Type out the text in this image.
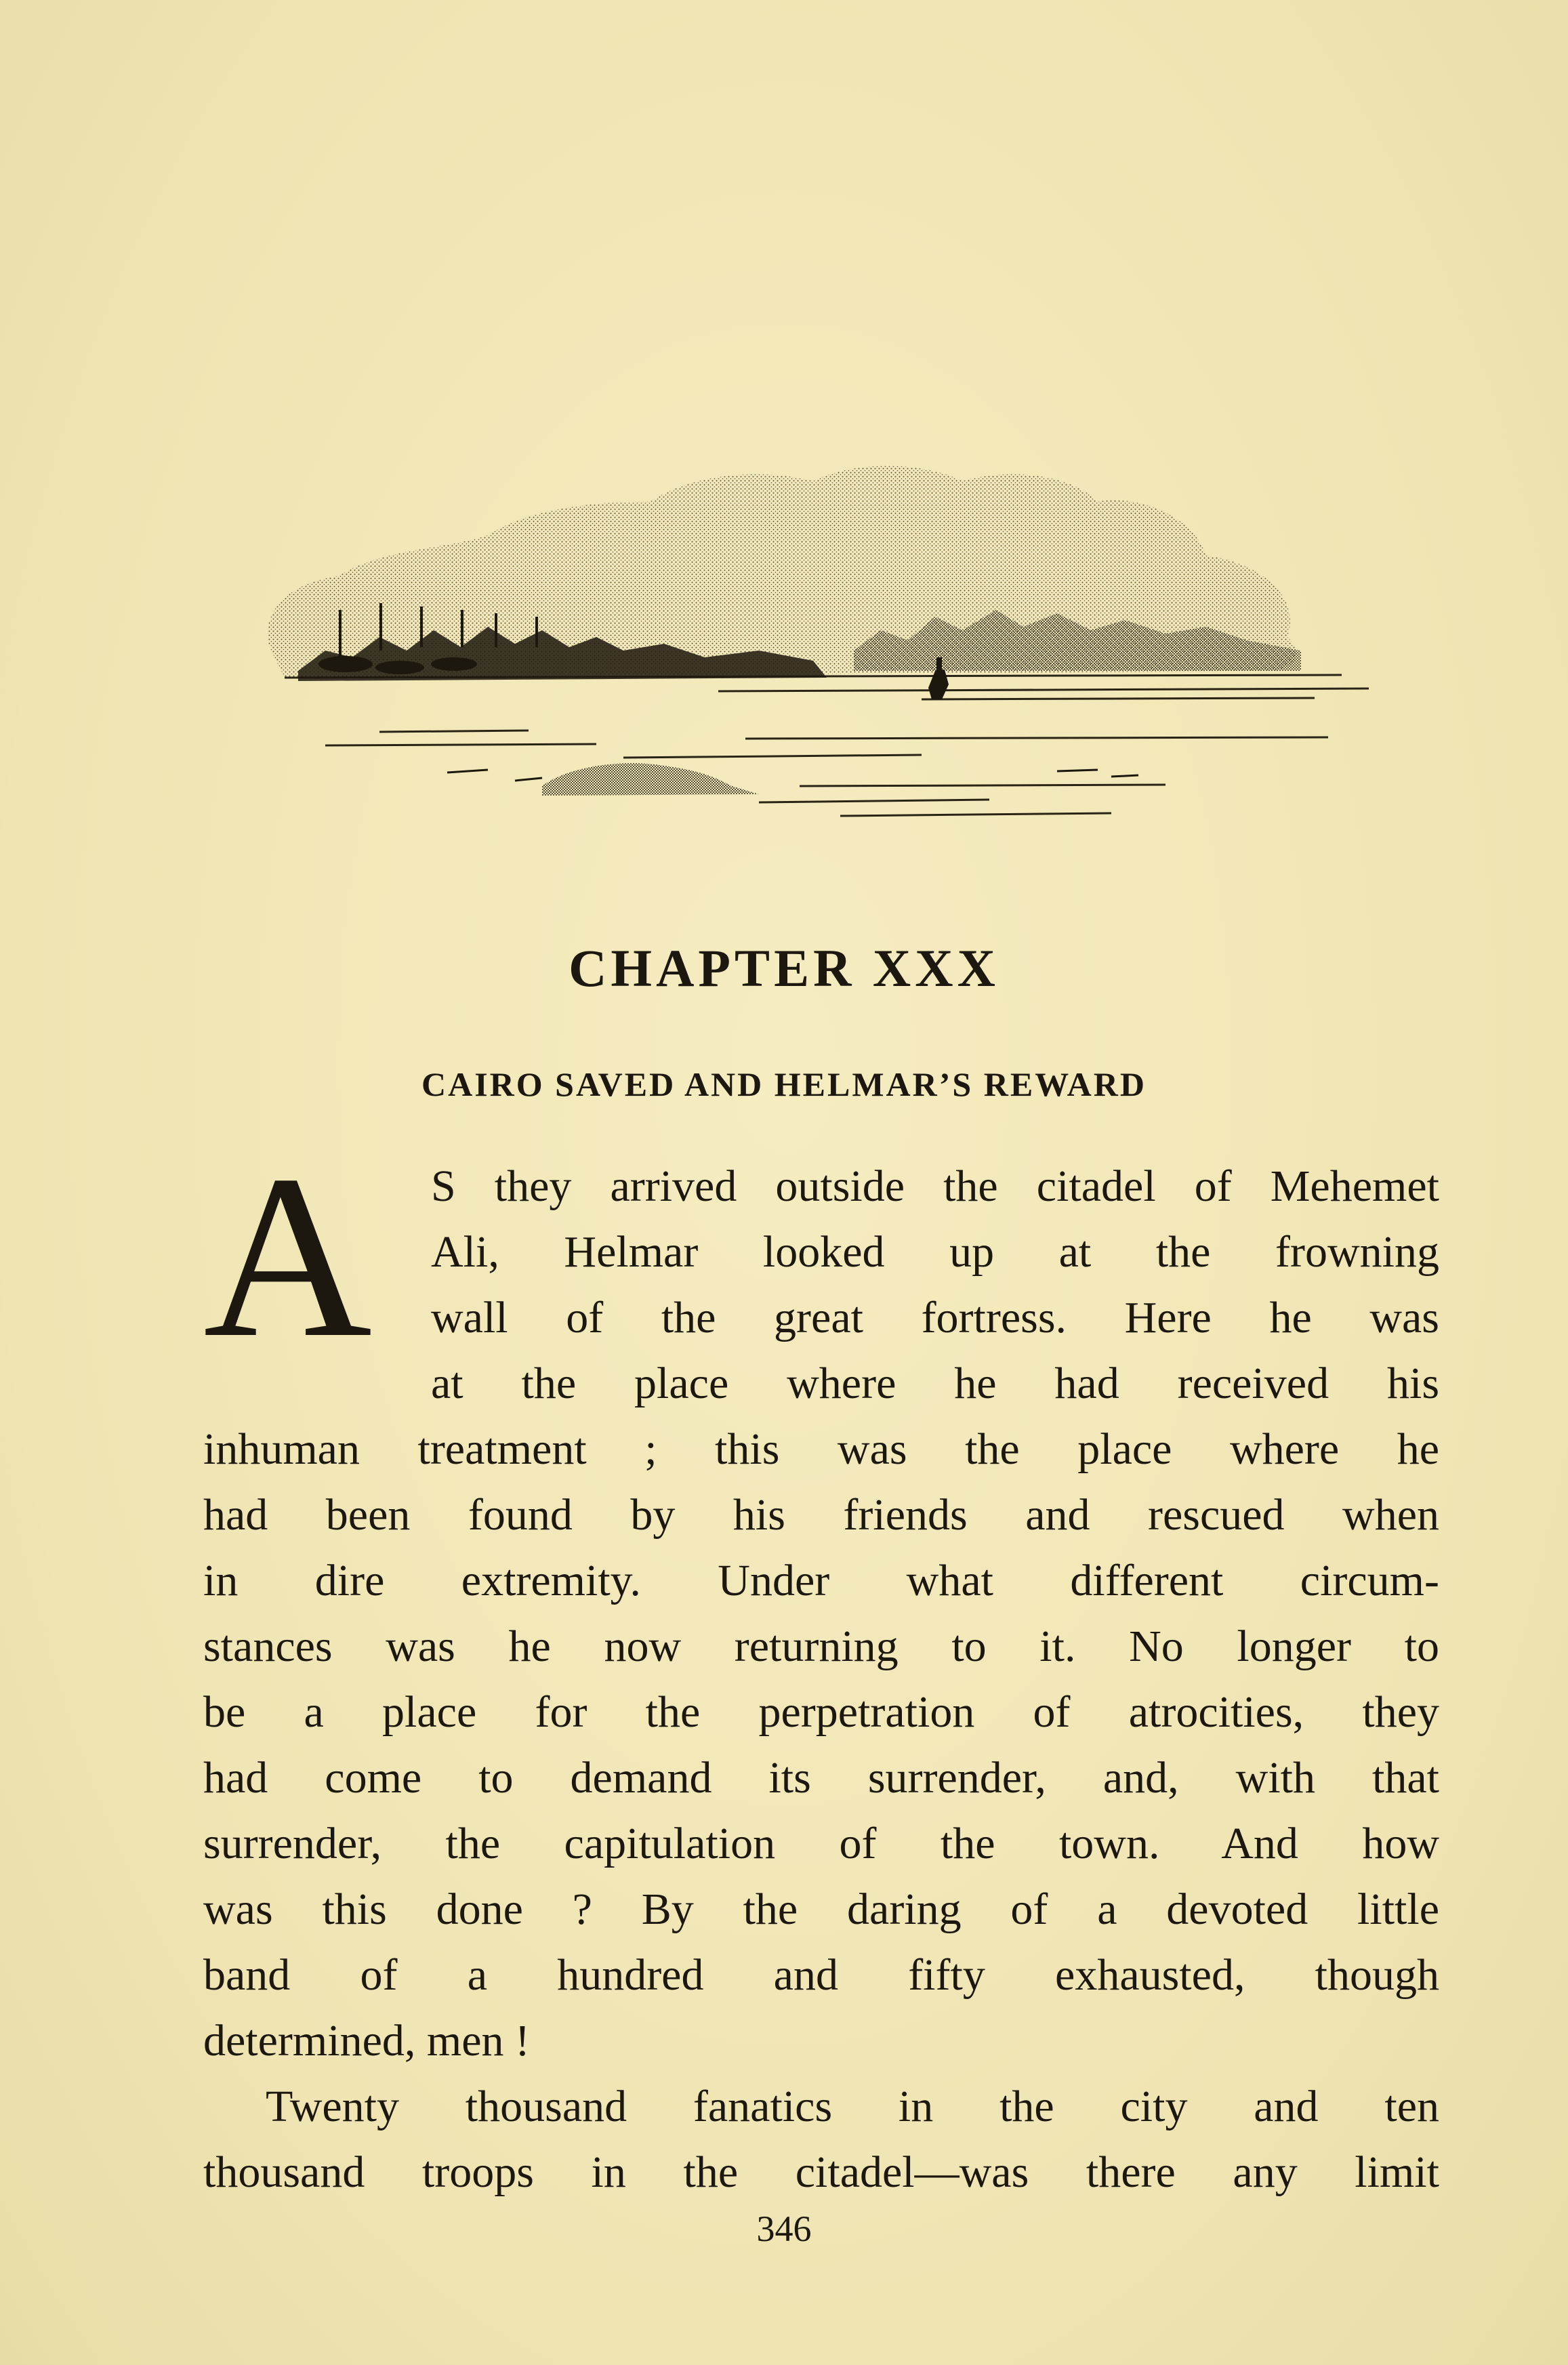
CHAPTER XXX
CAIRO SAVED AND HELMAR’S REWARD
A S they arrived outside the citadel of Mehemet

Ali, Helmar looked up at the frowning

wall of the great fortress. Here he was

at the place where he had received his

inhuman treatment ; this was the place where he

had been found by his friends and rescued when

in dire extremity. Under what different circum-

stances was he now returning to it. No longer to

be a place for the perpetration of atrocities, they

had come to demand its surrender, and, with that

surrender, the capitulation of the town. And how

was this done ? By the daring of a devoted little

band of a hundred and fifty exhausted, though

determined, men !

Twenty thousand fanatics in the city and ten

thousand troops in the citadel—was there any limit

346
